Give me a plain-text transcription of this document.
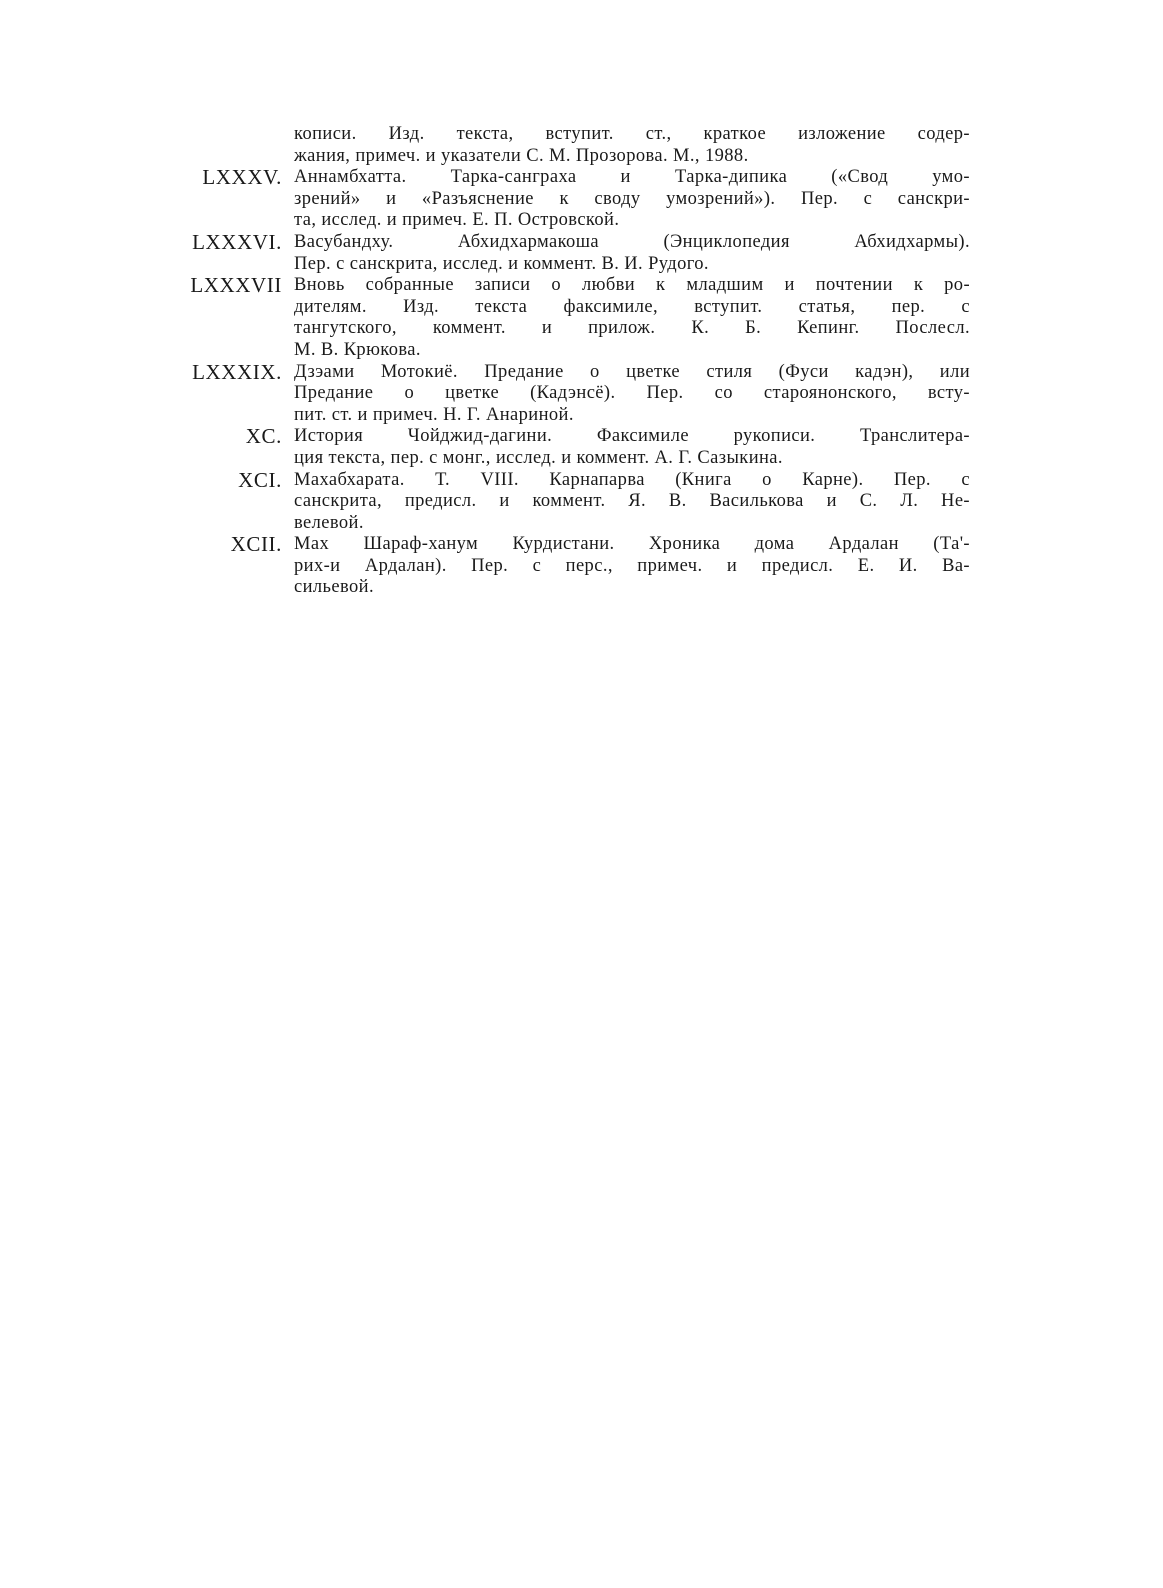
кописи. Изд. текста, вступит. ст., краткое изложение содер-
жания, примеч. и указатели С. М. Прозорова. М., 1988.
LXXXV. Аннамбхатта. Тарка-санграха и Тарка-дипика («Свод умо-
зрений» и «Разъяснение к своду умозрений»). Пер. с санскри-
та, исслед. и примеч. Е. П. Островской.
LXXXVI. Васубандху. Абхидхармакоша (Энциклопедия Абхидхармы).
Пер. с санскрита, исслед. и коммент. В. И. Рудого.
LXXXVII Вновь собранные записи о любви к младшим и почтении к ро-
дителям. Изд. текста факсимиле, вступит. статья, пер. с
тангутского, коммент. и прилож. К. Б. Кепинг. Послесл.
М. В. Крюкова.
LXXXIX. Дзэами Мотокиё. Предание о цветке стиля (Фуси кадэн), или
Предание о цветке (Кадэнсё). Пер. со староянонского, всту-
пит. ст. и примеч. Н. Г. Анариной.
XC. История Чойджид-дагини. Факсимиле рукописи. Транслитера-
ция текста, пер. с монг., исслед. и коммент. А. Г. Сазыкина.
XCI. Махабхарата. Т. VIII. Карнапарва (Книга о Карне). Пер. с
санскрита, предисл. и коммент. Я. В. Василькова и С. Л. Не-
велевой.
XCII. Мах Шараф-ханум Курдистани. Хроника дома Ардалан (Та'-
рих-и Ардалан). Пер. с перс., примеч. и предисл. Е. И. Ва-
сильевой.
